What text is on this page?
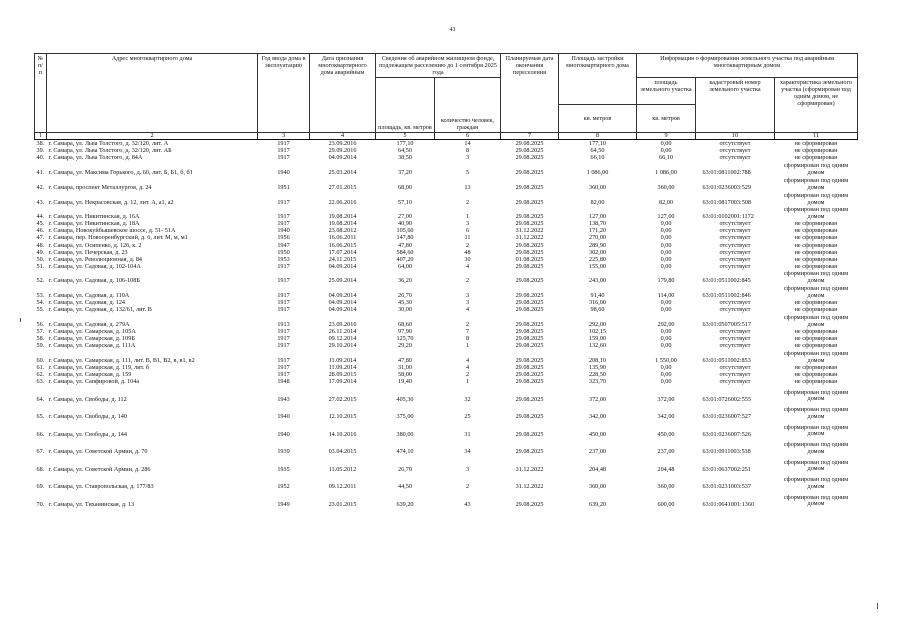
43
№ п/п	Адрес многоквартирного дома	Год ввода дома в эксплуатацию	Дата признания многоквартирного дома аварийным	Сведения об аварийном жилищном фонде, подлежащем расселению до 1 сентября 2025 года		Планируемая дата окончания переселения	Площадь застройки многоквартирного дома	Информация о формировании земельного участка под аварийным многоквартирным домом		
				площадь, кв. метров	количество человек, граждан			площадь земельного участка	кадастровый номер земельного участка	характеристика земельного участка (сформирован под одним домом, не сформирован)
							кв. метров	кв. метров		
1	2	3	4	5	6	7	8	9	10	11
38.	г. Самара, ул. Льва Толстого, д. 32/120, лит. А	1917	23.09.2016	177,10	14	29.08.2025	177,10	0,00	отсутствует	не сформирован
39.	г. Самара, ул. Льва Толстого, д. 32/120, лит. АБ	1917	29.09.2016	64,50	8	29.08.2025	64,50	0,00	отсутствует	не сформирован
40.	г. Самара, ул. Льва Толстого, д. 84А	1917	04.09.2014	38,50	3	29.08.2025	66,10	66,10	отсутствует	не сформирован
41.	г. Самара, ул. Максима Горького, д. 60, лит. Б, Б1, б, б1	1940	25.03.2014	37,20	5	29.08.2025	1 086,00	1 086,00	63:01:0811002:788	сформирован под одним домом
42.	г. Самара, проспект Металлургов, д. 24	1951	27.01.2015	68,00	13	29.08.2025	360,00	360,00	63:01:0236003:529	сформирован под одним домом
43.	г. Самара, ул. Некрасовская, д. 12, лит. А, а1, а2	1917	22.06.2016	57,10	2	29.08.2025	82,00	82,00	63:01:0817003:508	сформирован под одним домом
44.	г. Самара, ул. Никитинская, д. 16А	1917	19.08.2014	27,00	1	29.08.2025	127,00	127,00	63:01:0102001:1172	сформирован под одним домом
45.	г. Самара, ул. Никитинская, д. 18А	1917	19.08.2014	40,90	3	29.08.2025	138,70	0,00	отсутствует	не сформирован
46.	г. Самара, Новокуйбышевское шоссе, д. 51- 51А	1940	23.08.2012	105,60	6	31.12.2022	171,20	0,00	отсутствует	не сформирован
47.	г. Самара, пер. Новооренбургский, д. 6, лит. М, м, м1	1956	16.06.2011	147,80	11	31.12.2022	270,00	0,00	отсутствует	не сформирован
48.	г. Самара, ул. Осипенко, д. 126, к. 2	1947	16.06.2015	47,80	2	29.08.2025	289,90	0,00	отсутствует	не сформирован
49.	г. Самара, ул. Печерская, д. 23	1950	17.07.2014	584,60	48	29.08.2025	302,00	0,00	отсутствует	не сформирован
50.	г. Самара, ул. Революционная, д. 84	1953	24.11.2015	407,20	30	01.08.2025	225,80	0,00	отсутствует	не сформирован
51.	г. Самара, ул. Садовая, д. 102-104А	1917	04.09.2014	64,00	4	29.08.2025	155,00	0,00	отсутствует	не сформирован
52.	г. Самара, ул. Садовая, д. 106-108Б	1917	25.09.2014	36,20	2	29.08.2025	243,00	179,80	63:01:0511002:845	сформирован под одним домом
53.	г. Самара, ул. Садовая, д. 110А	1917	04.09.2014	26,70	3	29.08.2025	91,40	114,00	63:01:0511002:846	сформирован под одним домом
54.	г. Самара, ул. Садовая, д. 124	1917	04.09.2014	45,30	3	29.08.2025	316,00	0,00	отсутствует	не сформирован
55.	г. Самара, ул. Садовая, д. 132/61, лит. В	1917	04.09.2014	30,00	4	29.08.2025	98,60	0,00	отсутствует	не сформирован
56.	г. Самара, ул. Садовая, д. 279А	1913	23.09.2016	68,60	2	29.08.2025	292,00	292,00	63:01:0507005:517	сформирован под одним домом
57.	г. Самара, ул. Самарская, д. 105А	1917	26.11.2014	97,90	7	29.08.2025	102,15	0,00	отсутствует	не сформирован
58.	г. Самара, ул. Самарская, д. 109Б	1917	09.12.2014	125,70	8	29.08.2025	159,00	0,00	отсутствует	не сформирован
59.	г. Самара, ул. Самарская, д. 111А	1917	29.10.2014	29,20	1	29.08.2025	132,60	0,00	отсутствует	не сформирован
60.	г. Самара, ул. Самарская, д. 111, лит. В, В1, В2, в, в1, в2	1917	11.09.2014	47,80	4	29.08.2025	208,10	1 550,00	63:01:0511002:853	сформирован под одним домом
61.	г. Самара, ул. Самарская, д. 119, лит. б	1917	11.09.2014	31,00	4	29.08.2025	135,90	0,00	отсутствует	не сформирован
62.	г. Самара, ул. Самарская, д. 159	1917	28.09.2015	58,00	2	29.08.2025	228,50	0,00	отсутствует	не сформирован
63.	г. Самара, ул. Сапфировой, д. 104а	1948	17.09.2014	19,40	1	29.08.2025	323,70	0,00	отсутствует	не сформирован
64.	г. Самара, ул. Свободы, д. 112	1943	27.02.2015	405,30	32	29.08.2025	372,00	372,00	63:01:0726002:555	сформирован под одним домом
65.	г. Самара, ул. Свободы, д. 140	1940	12.10.2015	375,00	25	29.08.2025	342,00	342,00	63:01:0236007:527	сформирован под одним домом
66.	г. Самара, ул. Свободы, д. 144	1940	14.10.2016	380,00	31	29.08.2025	450,00	450,00	63:01:0236007:526	сформирован под одним домом
67.	г. Самара, ул. Советской Армии, д. 70	1939	03.04.2015	474,10	34	29.08.2025	237,00	237,00	63:01:0911003:538	сформирован под одним домом
68.	г. Самара, ул. Советской Армии, д. 286	1935	11.05.2012	26,70	3	31.12.2022	204,48	204,48	63:01:0637002:251	сформирован под одним домом
69.	г. Самара, ул. Ставропольская, д. 177/83	1952	09.12.2011	44,50	2	31.12.2022	360,00	360,00	63:01:0231003:537	сформирован под одним домом
70.	г. Самара, ул. Тиханинская, д. 13	1949	23.01.2015	639,20	43	29.08.2025	639,20	600,00	63:01:0641001:1360	сформирован под одним домом
